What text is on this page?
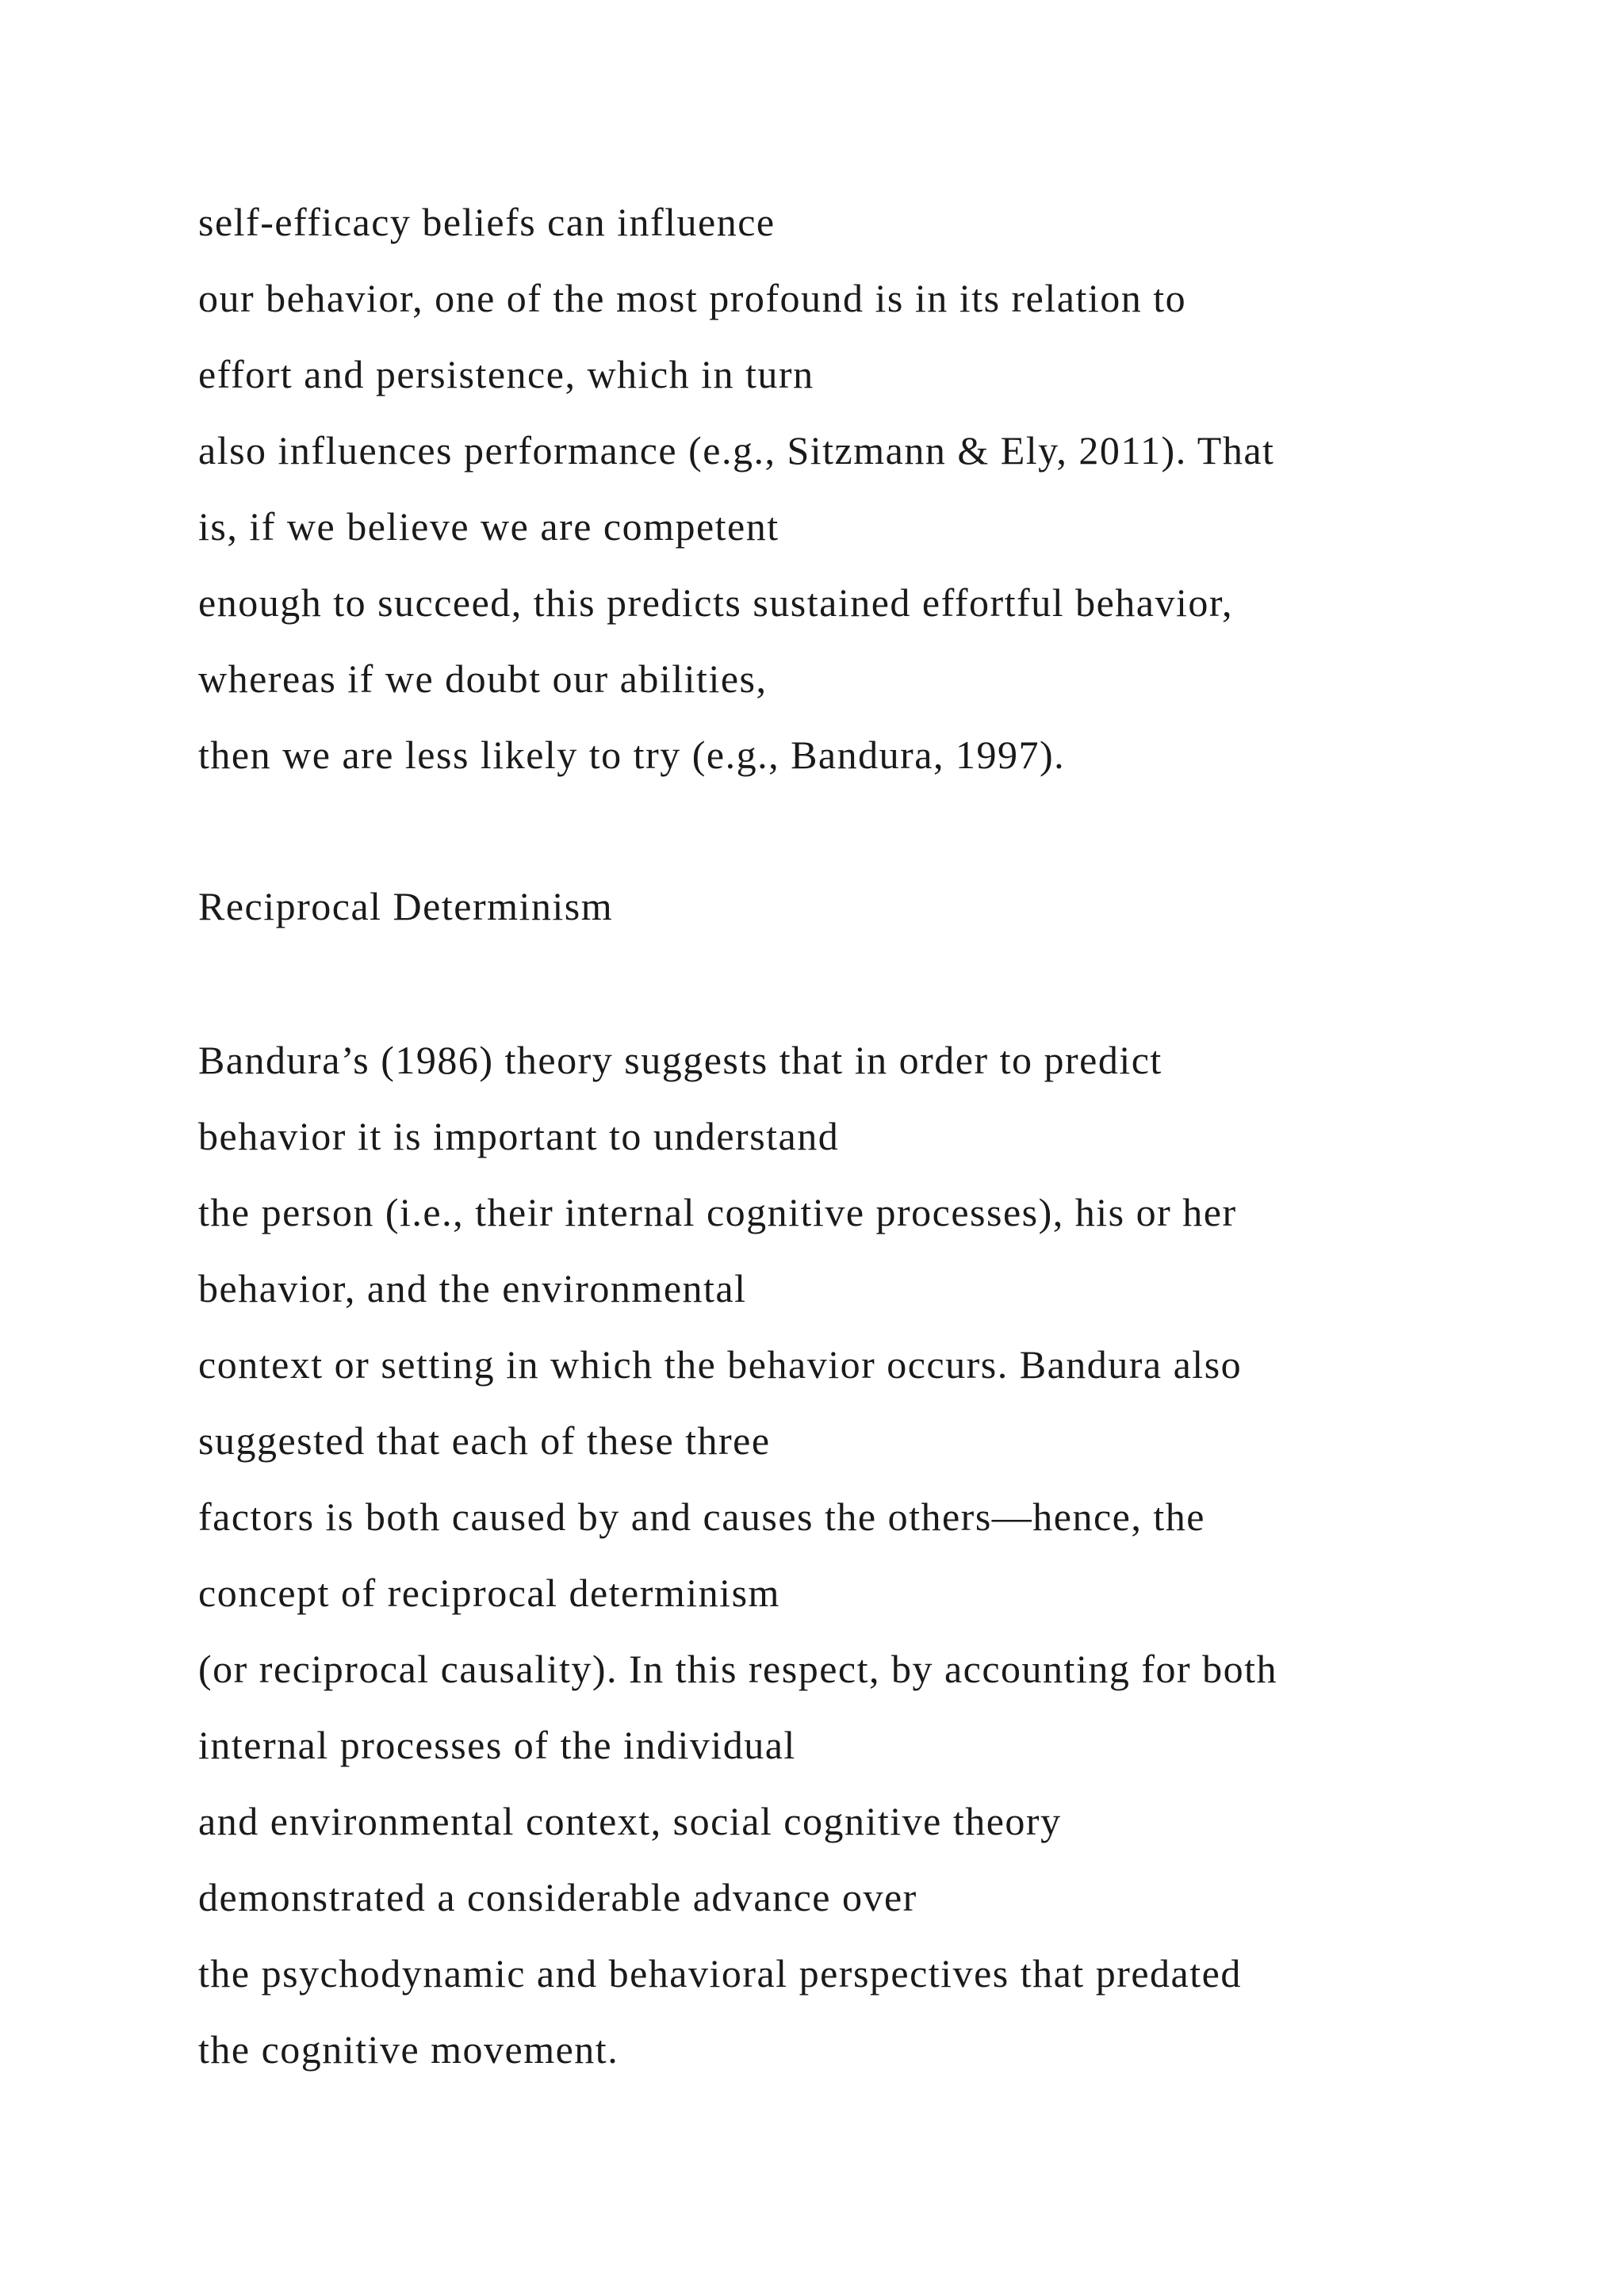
self-efficacy beliefs can influence
our behavior, one of the most profound is in its relation to
effort and persistence, which in turn
also influences performance (e.g., Sitzmann & Ely, 2011). That
is, if we believe we are competent
enough to succeed, this predicts sustained effortful behavior,
whereas if we doubt our abilities,
then we are less likely to try (e.g., Bandura, 1997).
Reciprocal Determinism
Bandura’s (1986) theory suggests that in order to predict
behavior it is important to understand
the person (i.e., their internal cognitive processes), his or her
behavior, and the environmental
context or setting in which the behavior occurs. Bandura also
suggested that each of these three
factors is both caused by and causes the others—hence, the
concept of reciprocal determinism
(or reciprocal causality). In this respect, by accounting for both
internal processes of the individual
and environmental context, social cognitive theory
demonstrated a considerable advance over
the psychodynamic and behavioral perspectives that predated
the cognitive movement.
